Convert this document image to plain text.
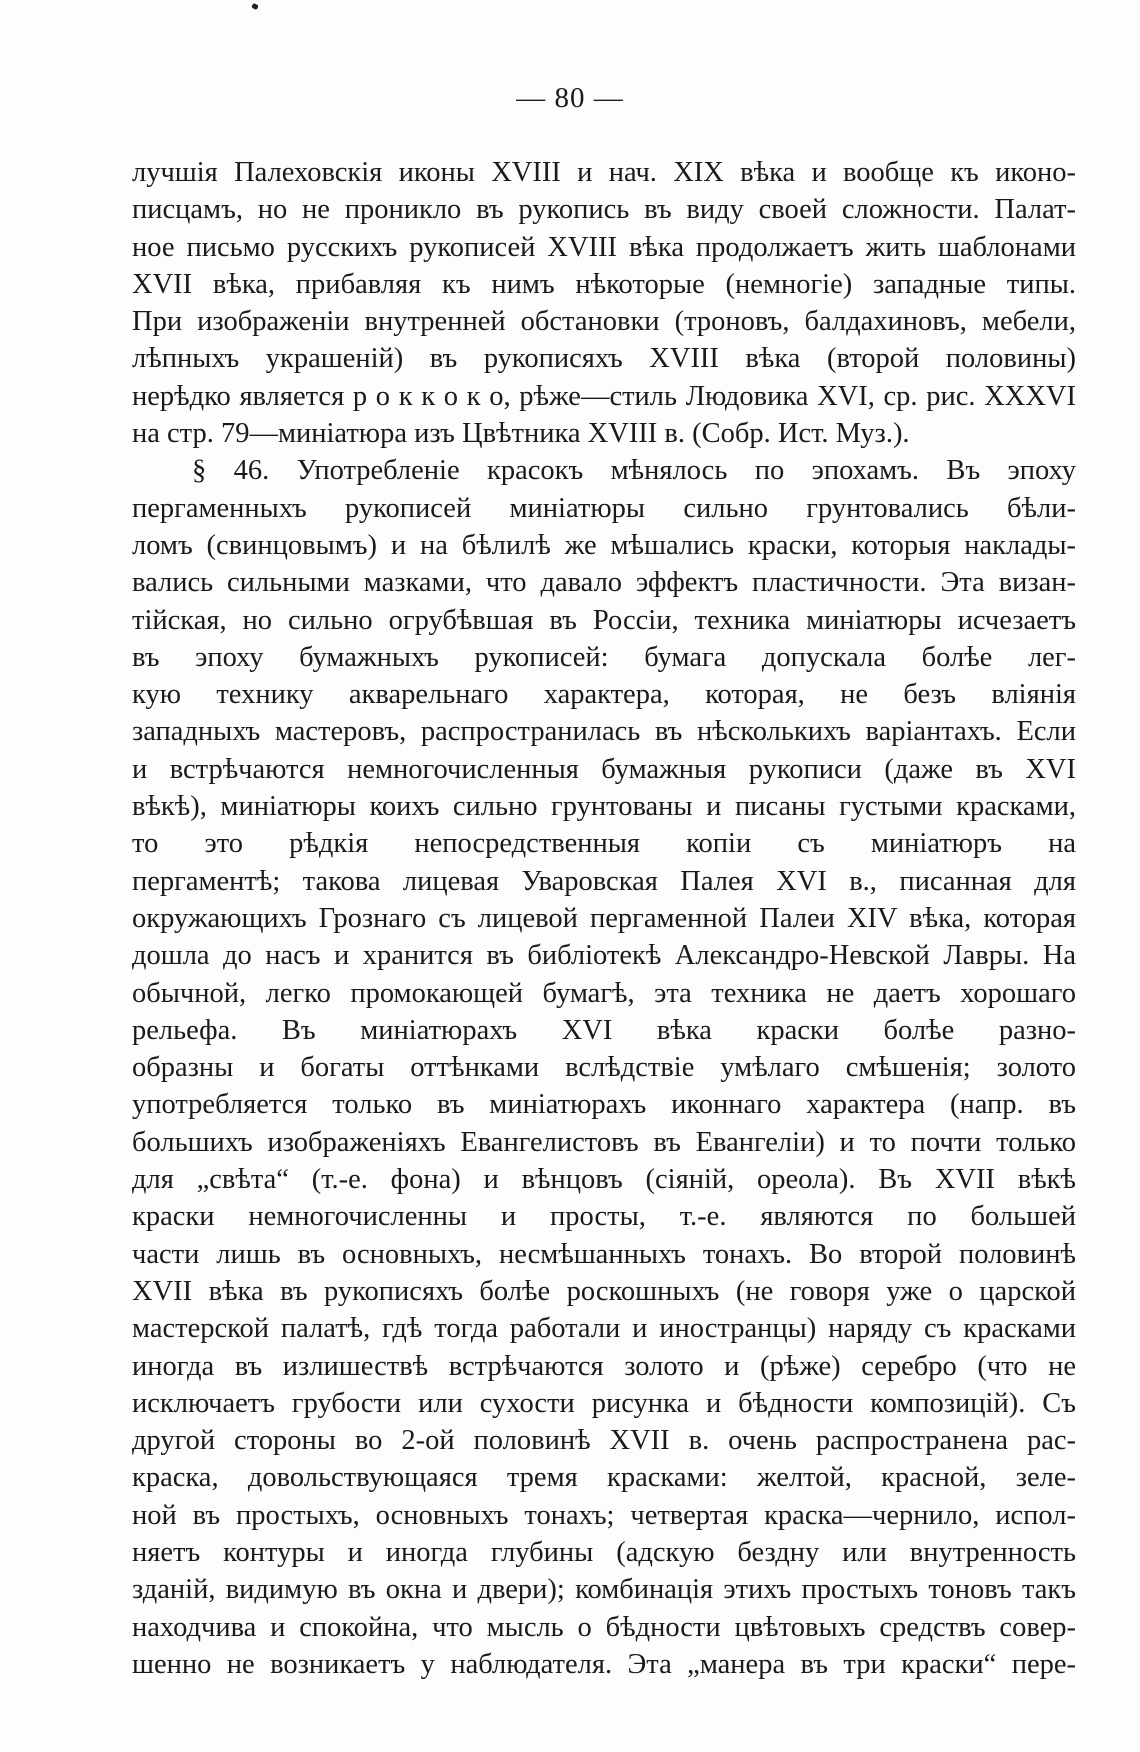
— 80 —
лучшія Палеховскія иконы XVIII и нач. XIX вѣка и вообще къ иконо-
писцамъ, но не проникло въ рукопись въ виду своей сложности. Палат-
ное письмо русскихъ рукописей XVIII вѣка продолжаетъ жить шаблонами
XVII вѣка, прибавляя къ нимъ нѣкоторые (немногіе) западные типы.
При изображеніи внутренней обстановки (троновъ, балдахиновъ, мебели,
лѣпныхъ украшеній) въ рукописяхъ XVIII вѣка (второй половины)
нерѣдко является р о к к о к о, рѣже—стиль Людовика XVI, ср. рис. XXXVI
на стр. 79—миніатюра изъ Цвѣтника XVIII в. (Собр. Ист. Муз.).
§ 46. Употребленіе красокъ мѣнялось по эпохамъ. Въ эпоху
пергаменныхъ рукописей миніатюры сильно грунтовались бѣли-
ломъ (свинцовымъ) и на бѣлилѣ же мѣшались краски, которыя наклады-
вались сильными мазками, что давало эффектъ пластичности. Эта визан-
тійская, но сильно огрубѣвшая въ Россіи, техника миніатюры исчезаетъ
въ эпоху бумажныхъ рукописей: бумага допускала болѣе лег-
кую технику акварельнаго характера, которая, не безъ вліянія
западныхъ мастеровъ, распространилась въ нѣсколькихъ варіантахъ. Если
и встрѣчаются немногочисленныя бумажныя рукописи (даже въ XVI
вѣкѣ), миніатюры коихъ сильно грунтованы и писаны густыми красками,
то это рѣдкія непосредственныя копіи съ миніатюръ на
пергаментѣ; такова лицевая Уваровская Палея XVI в., писанная для
окружающихъ Грознаго съ лицевой пергаменной Палеи XIV вѣка, которая
дошла до насъ и хранится въ библіотекѣ Александро-Невской Лавры. На
обычной, легко промокающей бумагѣ, эта техника не даетъ хорошаго
рельефа. Въ миніатюрахъ XVI вѣка краски болѣе разно-
образны и богаты оттѣнками вслѣдствіе умѣлаго смѣшенія; золото
употребляется только въ миніатюрахъ иконнаго характера (напр. въ
большихъ изображеніяхъ Евангелистовъ въ Евангеліи) и то почти только
для „свѣта“ (т.-е. фона) и вѣнцовъ (сіяній, ореола). Въ XVII вѣкѣ
краски немногочисленны и просты, т.-е. являются по большей
части лишь въ основныхъ, несмѣшанныхъ тонахъ. Во второй половинѣ
XVII вѣка въ рукописяхъ болѣе роскошныхъ (не говоря уже о царской
мастерской палатѣ, гдѣ тогда работали и иностранцы) наряду съ красками
иногда въ излишествѣ встрѣчаются золото и (рѣже) серебро (что не
исключаетъ грубости или сухости рисунка и бѣдности композицій). Съ
другой стороны во 2-ой половинѣ XVII в. очень распространена рас-
краска, довольствующаяся тремя красками: желтой, красной, зеле-
ной въ простыхъ, основныхъ тонахъ; четвертая краска—чернило, испол-
няетъ контуры и иногда глубины (адскую бездну или внутренность
зданій, видимую въ окна и двери); комбинація этихъ простыхъ тоновъ такъ
находчива и спокойна, что мысль о бѣдности цвѣтовыхъ средствъ совер-
шенно не возникаетъ у наблюдателя. Эта „манера въ три краски“ пере-
